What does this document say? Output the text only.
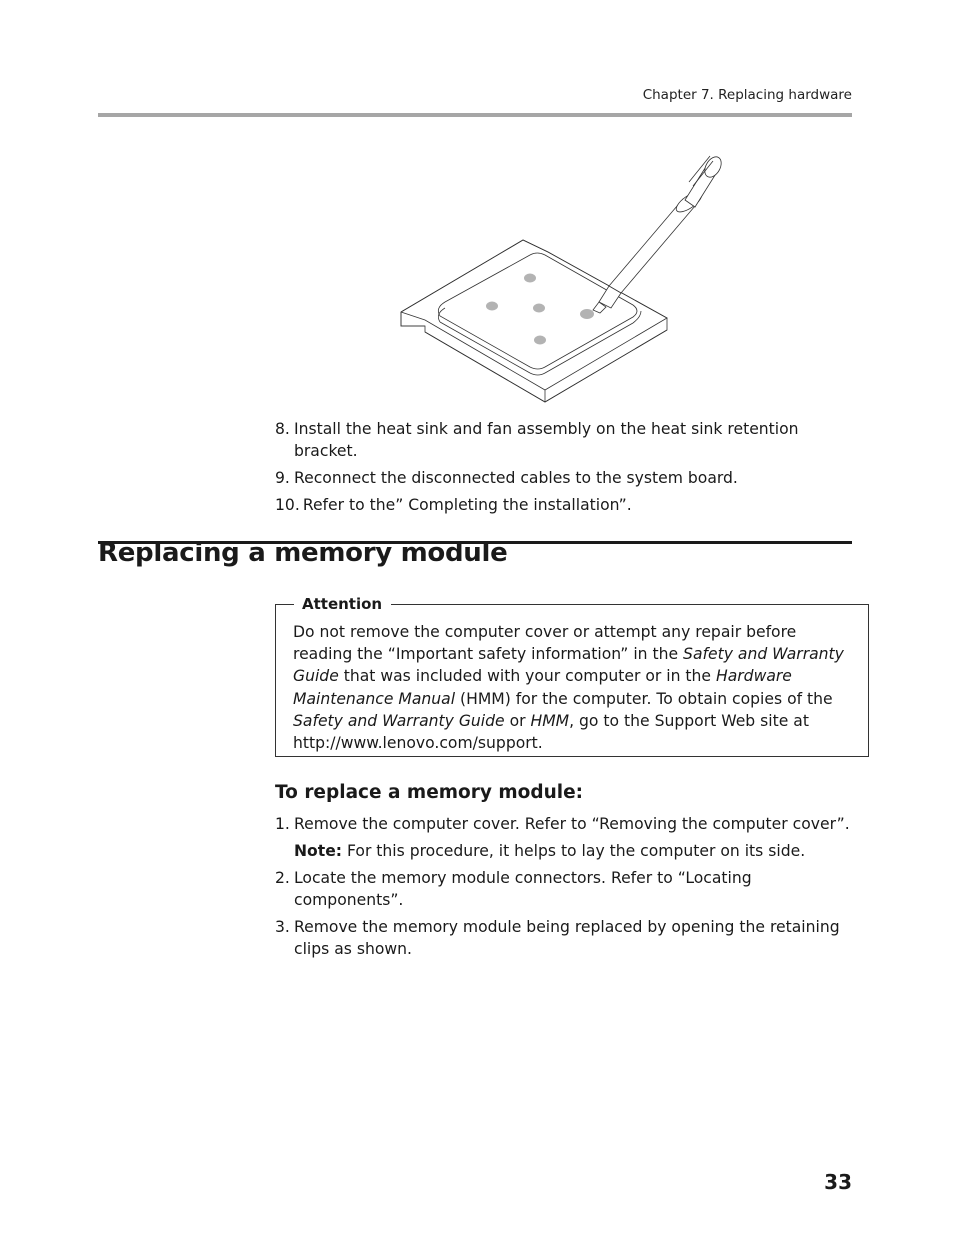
Chapter 7. Replacing hardware
8. Install the heat sink and fan assembly on the heat sink retention bracket.
9. Reconnect the disconnected cables to the system board.
10. Refer to the” Completing the installation”.
Replacing a memory module
Attention
Do not remove the computer cover or attempt any repair before reading the “Important safety information” in the Safety and Warranty Guide that was included with your computer or in the Hardware Maintenance Manual (HMM) for the computer. To obtain copies of the Safety and Warranty Guide or HMM, go to the Support Web site at http://www.lenovo.com/support.
To replace a memory module:
1. Remove the computer cover. Refer to “Removing the computer cover”.
Note: For this procedure, it helps to lay the computer on its side.
2. Locate the memory module connectors. Refer to “Locating components”.
3. Remove the memory module being replaced by opening the retaining clips as shown.
33
